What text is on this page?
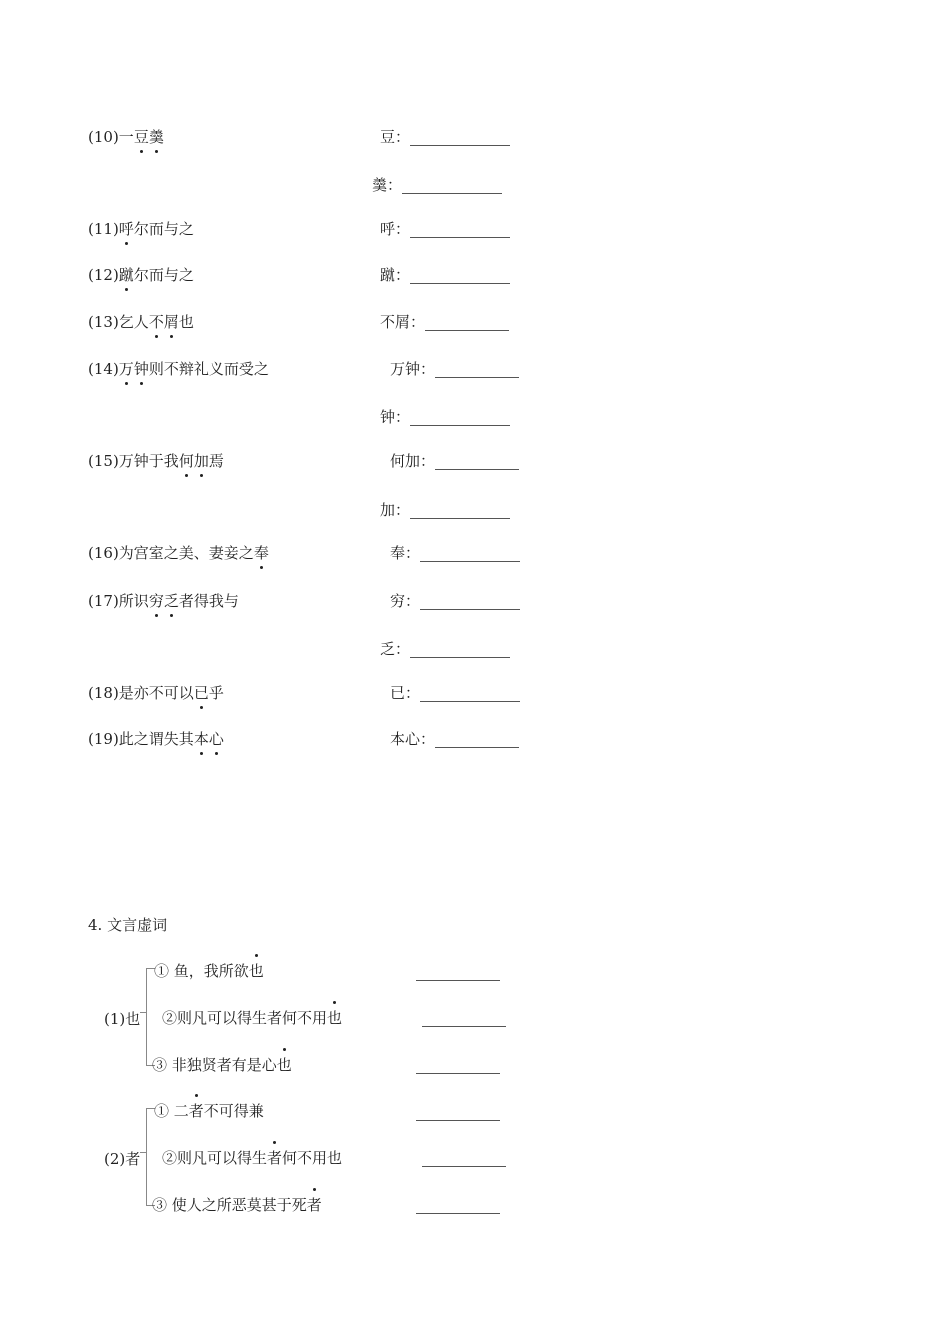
(10)一豆羹	豆：
羹：
(11)呼尔而与之	呼：
(12)蹴尔而与之	蹴：
(13)乞人不屑也	不屑：
(14)万钟则不辩礼义而受之	万钟：
钟：
(15)万钟于我何加焉	何加：
加：
(16)为宫室之美、妻妾之奉	奉：
(17)所识穷乏者得我与	穷：
乏：
(18)是亦不可以已乎	已：
(19)此之谓失其本心	本心：
4. 文言虚词
(1)也
① 鱼，我所欲也
②则凡可以得生者何不用也
③ 非独贤者有是心也
(2)者
① 二者不可得兼
②则凡可以得生者何不用也
③ 使人之所恶莫甚于死者
